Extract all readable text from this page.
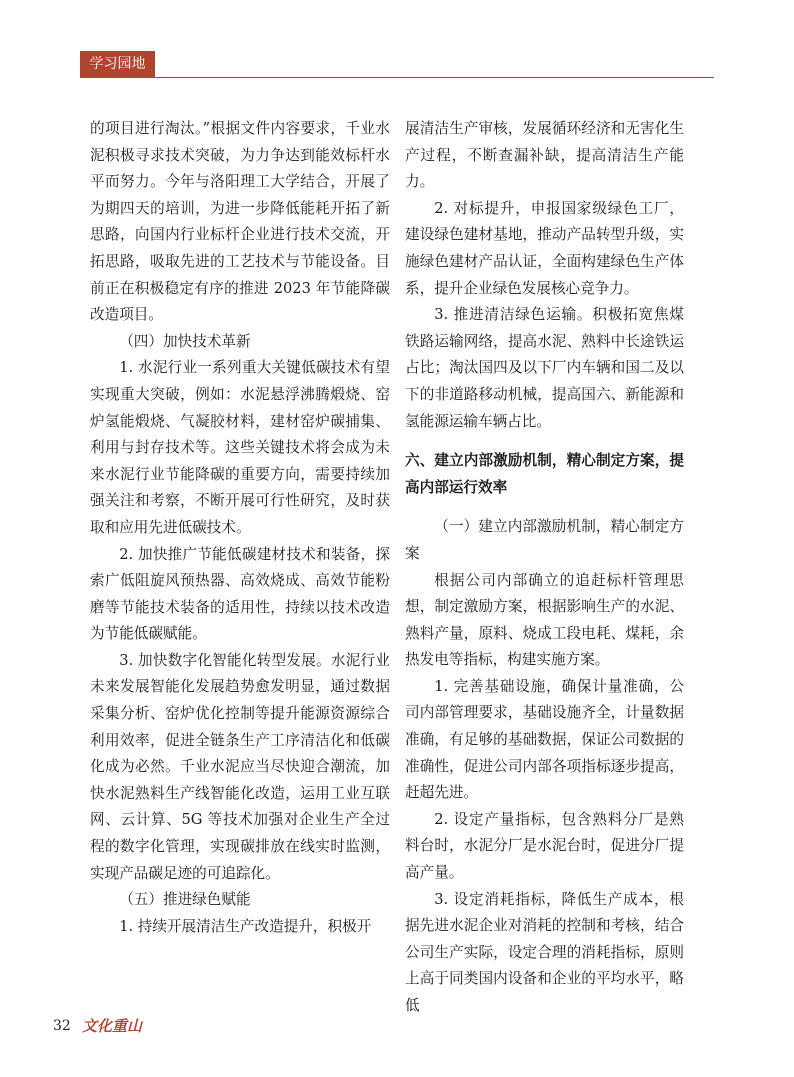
学习园地

的项目进行淘汰。”根据文件内容要求，千业水泥积极寻求技术突破，为力争达到能效标杆水平而努力。今年与洛阳理工大学结合，开展了为期四天的培训，为进一步降低能耗开拓了新思路，向国内行业标杆企业进行技术交流，开拓思路，吸取先进的工艺技术与节能设备。目前正在积极稳定有序的推进 2023 年节能降碳改造项目。

（四）加快技术革新

1. 水泥行业一系列重大关键低碳技术有望实现重大突破，例如：水泥悬浮沸腾煅烧、窑炉氢能煅烧、气凝胶材料，建材窑炉碳捕集、利用与封存技术等。这些关键技术将会成为未来水泥行业节能降碳的重要方向，需要持续加强关注和考察，不断开展可行性研究，及时获取和应用先进低碳技术。

2. 加快推广节能低碳建材技术和装备，探索广低阻旋风预热器、高效烧成、高效节能粉磨等节能技术装备的适用性，持续以技术改造为节能低碳赋能。

3. 加快数字化智能化转型发展。水泥行业未来发展智能化发展趋势愈发明显，通过数据采集分析、窑炉优化控制等提升能源资源综合利用效率，促进全链条生产工序清洁化和低碳化成为必然。千业水泥应当尽快迎合潮流，加快水泥熟料生产线智能化改造，运用工业互联网、云计算、5G 等技术加强对企业生产全过程的数字化管理，实现碳排放在线实时监测，实现产品碳足迹的可追踪化。

（五）推进绿色赋能

1. 持续开展清洁生产改造提升，积极开

展清洁生产审核，发展循环经济和无害化生产过程，不断查漏补缺，提高清洁生产能力。

2. 对标提升，申报国家级绿色工厂，建设绿色建材基地，推动产品转型升级，实施绿色建材产品认证，全面构建绿色生产体系，提升企业绿色发展核心竞争力。

3. 推进清洁绿色运输。积极拓宽焦煤铁路运输网络，提高水泥、熟料中长途铁运占比；淘汰国四及以下厂内车辆和国二及以下的非道路移动机械，提高国六、新能源和氢能源运输车辆占比。

六、建立内部激励机制，精心制定方案，提高内部运行效率

（一）建立内部激励机制，精心制定方案

根据公司内部确立的追赶标杆管理思想，制定激励方案，根据影响生产的水泥、熟料产量，原料、烧成工段电耗、煤耗，余热发电等指标，构建实施方案。

1. 完善基础设施，确保计量准确，公司内部管理要求，基础设施齐全，计量数据准确，有足够的基础数据，保证公司数据的准确性，促进公司内部各项指标逐步提高，赶超先进。

2. 设定产量指标，包含熟料分厂是熟料台时，水泥分厂是水泥台时，促进分厂提高产量。

3. 设定消耗指标，降低生产成本，根据先进水泥企业对消耗的控制和考核，结合公司生产实际，设定合理的消耗指标，原则上高于同类国内设备和企业的平均水平，略低

32 文化重山
